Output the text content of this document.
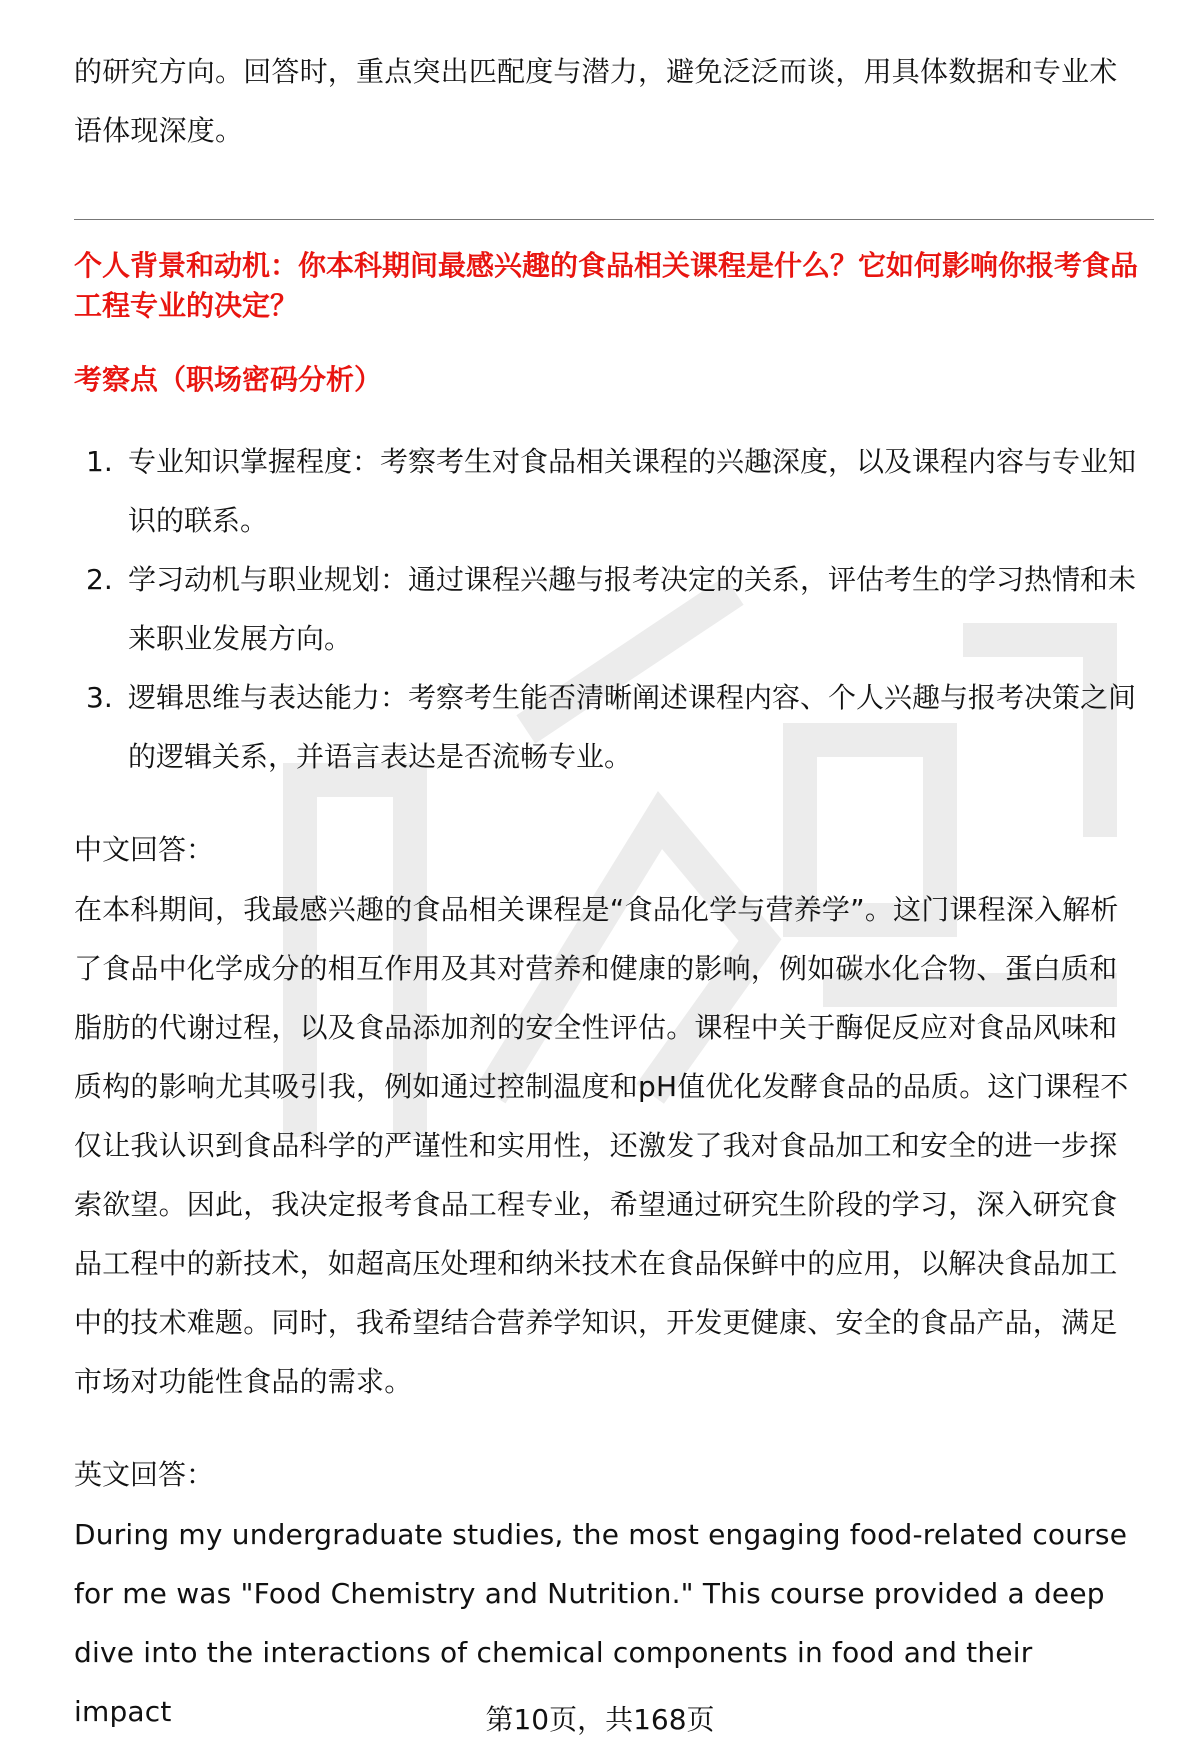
的研究方向。回答时，重点突出匹配度与潜力，避免泛泛而谈，用具体数据和专业术语体现深度。

个人背景和动机：你本科期间最感兴趣的食品相关课程是什么？它如何影响你报考食品工程专业的决定？

考察点（职场密码分析）
1. 专业知识掌握程度：考察考生对食品相关课程的兴趣深度，以及课程内容与专业知识的联系。
2. 学习动机与职业规划：通过课程兴趣与报考决定的关系，评估考生的学习热情和未来职业发展方向。
3. 逻辑思维与表达能力：考察考生能否清晰阐述课程内容、个人兴趣与报考决策之间的逻辑关系，并语言表达是否流畅专业。
中文回答：

在本科期间，我最感兴趣的食品相关课程是“食品化学与营养学”。这门课程深入解析了食品中化学成分的相互作用及其对营养和健康的影响，例如碳水化合物、蛋白质和脂肪的代谢过程，以及食品添加剂的安全性评估。课程中关于酶促反应对食品风味和质构的影响尤其吸引我，例如通过控制温度和pH值优化发酵食品的品质。这门课程不仅让我认识到食品科学的严谨性和实用性，还激发了我对食品加工和安全的进一步探索欲望。因此，我决定报考食品工程专业，希望通过研究生阶段的学习，深入研究食品工程中的新技术，如超高压处理和纳米技术在食品保鲜中的应用，以解决食品加工中的技术难题。同时，我希望结合营养学知识，开发更健康、安全的食品产品，满足市场对功能性食品的需求。

英文回答：

During my undergraduate studies, the most engaging food-related course for me was "Food Chemistry and Nutrition." This course provided a deep dive into the interactions of chemical components in food and their impact	第10页，共168页
